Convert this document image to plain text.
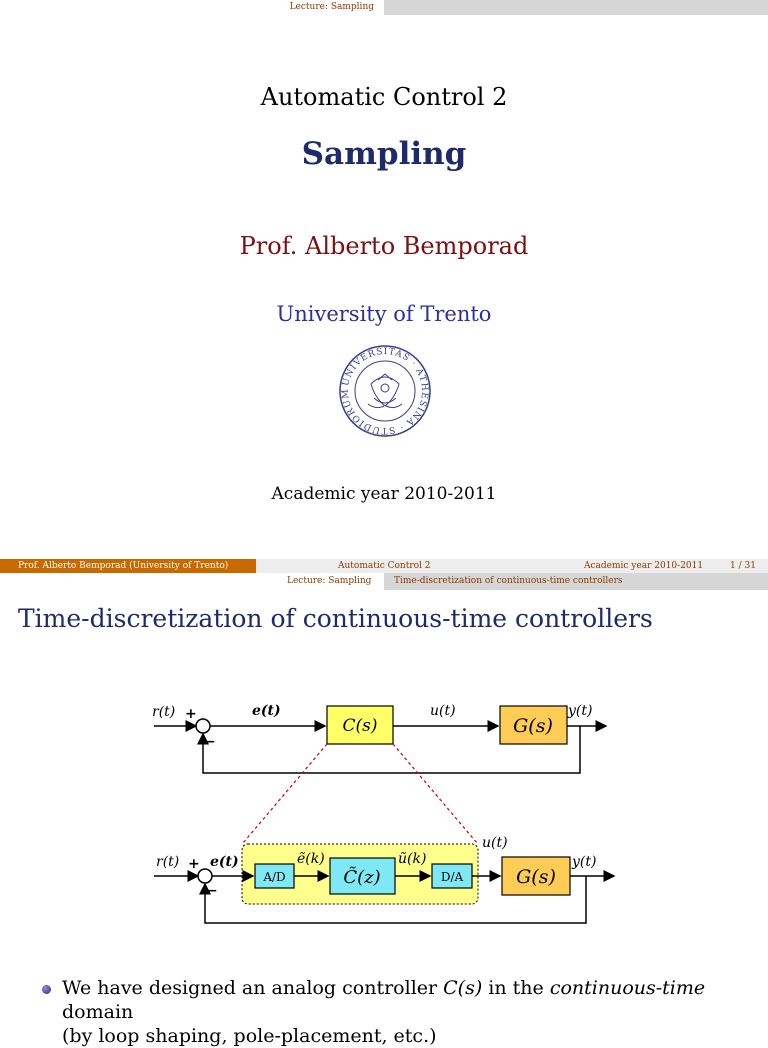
Lecture: Sampling
Automatic Control 2
Sampling
Prof. Alberto Bemporad
University of Trento
UNIVERSITAS · ATHESINA · STUDIORUM
Academic year 2010-2011
Prof. Alberto Bemporad (University of Trento)	Automatic Control 2	Academic year 2010-2011	1 / 31
Lecture: Sampling	Time-discretization of continuous-time controllers
Time-discretization of continuous-time controllers
r(t) +
−
e(t)
C(s)
u(t)
G(s)
y(t)
r(t) +
−
e(t)
A/D
ẽ(k)
C̃(z)
ũ(k)
D/A
u(t)
G(s)
y(t)
We have designed an analog controller C(s) in the continuous-time domain
(by loop shaping, pole-placement, etc.)
